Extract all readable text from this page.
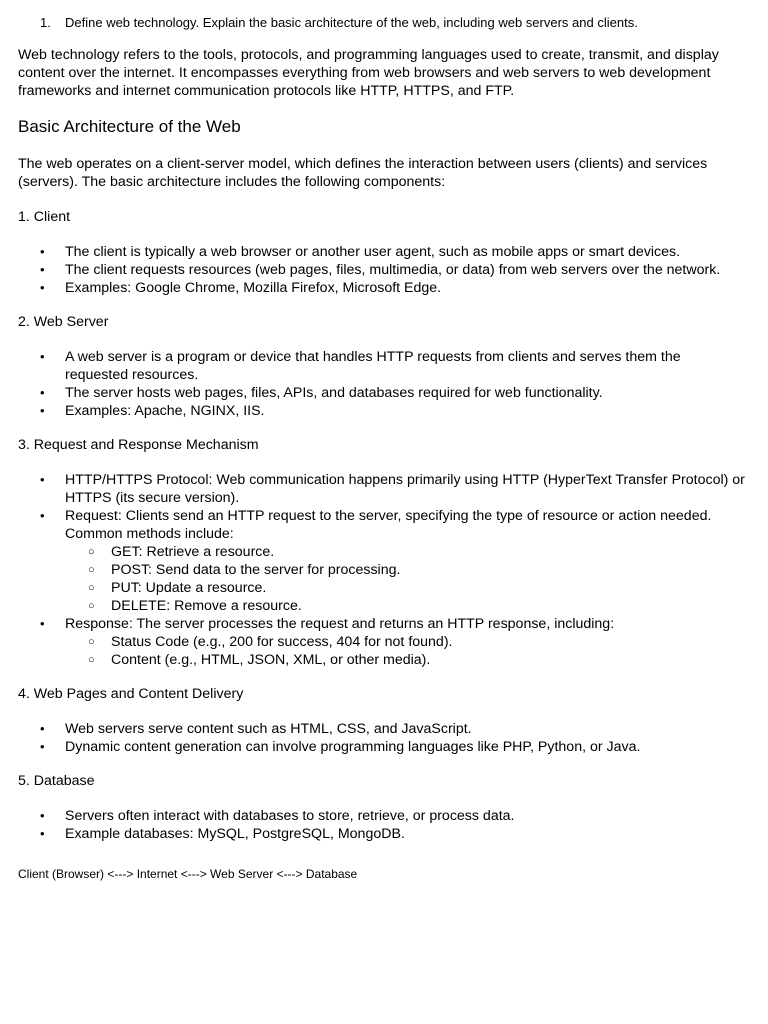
1.	Define web technology. Explain the basic architecture of the web, including web servers and clients.

Web technology refers to the tools, protocols, and programming languages used to create, transmit, and display content over the internet. It encompasses everything from web browsers and web servers to web development frameworks and internet communication protocols like HTTP, HTTPS, and FTP.

Basic Architecture of the Web

The web operates on a client-server model, which defines the interaction between users (clients) and services (servers). The basic architecture includes the following components:

1. Client
• The client is typically a web browser or another user agent, such as mobile apps or smart devices.
• The client requests resources (web pages, files, multimedia, or data) from web servers over the network.
• Examples: Google Chrome, Mozilla Firefox, Microsoft Edge.
2. Web Server
• A web server is a program or device that handles HTTP requests from clients and serves them the requested resources.
• The server hosts web pages, files, APIs, and databases required for web functionality.
• Examples: Apache, NGINX, IIS.
3. Request and Response Mechanism
• HTTP/HTTPS Protocol: Web communication happens primarily using HTTP (HyperText Transfer Protocol) or HTTPS (its secure version).
• Request: Clients send an HTTP request to the server, specifying the type of resource or action needed. Common methods include:
○ GET: Retrieve a resource.
○ POST: Send data to the server for processing.
○ PUT: Update a resource.
○ DELETE: Remove a resource.
• Response: The server processes the request and returns an HTTP response, including:
○ Status Code (e.g., 200 for success, 404 for not found).
○ Content (e.g., HTML, JSON, XML, or other media).
4. Web Pages and Content Delivery
• Web servers serve content such as HTML, CSS, and JavaScript.
• Dynamic content generation can involve programming languages like PHP, Python, or Java.
5. Database
• Servers often interact with databases to store, retrieve, or process data.
• Example databases: MySQL, PostgreSQL, MongoDB.
Client (Browser) <---> Internet <---> Web Server <---> Database
